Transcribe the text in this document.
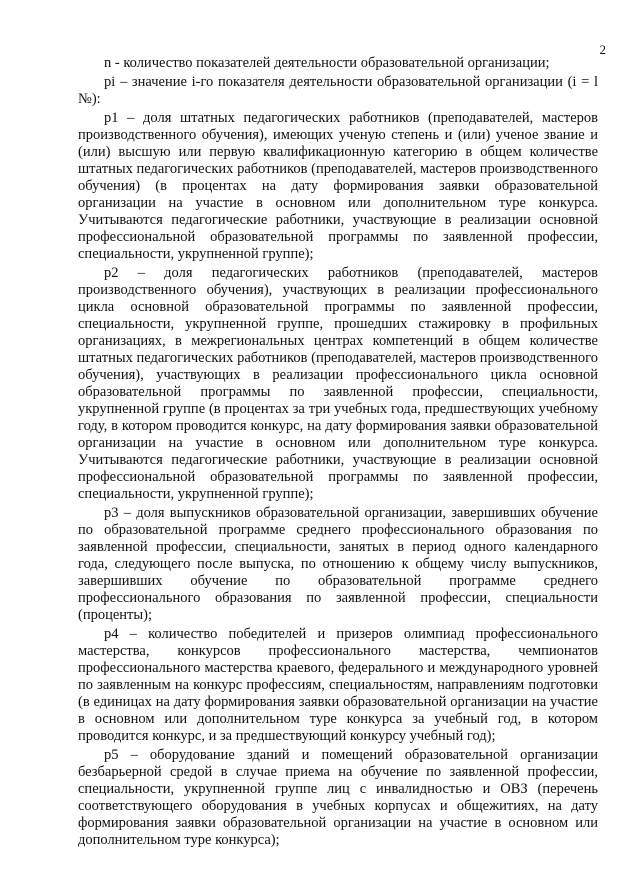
2

n - количество показателей деятельности образовательной организации;

pi – значение i-го показателя деятельности образовательной организации (i = l №):

p1 – доля штатных педагогических работников (преподавателей, мастеров производственного обучения), имеющих ученую степень и (или) ученое звание и (или) высшую или первую квалификационную категорию в общем количестве штатных педагогических работников (преподавателей, мастеров производственного обучения) (в процентах на дату формирования заявки образовательной организации на участие в основном или дополнительном туре конкурса. Учитываются педагогические работники, участвующие в реализации основной профессиональной образовательной программы по заявленной профессии, специальности, укрупненной группе);

p2 – доля педагогических работников (преподавателей, мастеров производственного обучения), участвующих в реализации профессионального цикла основной образовательной программы по заявленной профессии, специальности, укрупненной группе, прошедших стажировку в профильных организациях, в межрегиональных центрах компетенций в общем количестве штатных педагогических работников (преподавателей, мастеров производственного обучения), участвующих в реализации профессионального цикла основной образовательной программы по заявленной профессии, специальности, укрупненной группе (в процентах за три учебных года, предшествующих учебному году, в котором проводится конкурс, на дату формирования заявки образовательной организации на участие в основном или дополнительном туре конкурса. Учитываются педагогические работники, участвующие в реализации основной профессиональной образовательной программы по заявленной профессии, специальности, укрупненной группе);

p3 – доля выпускников образовательной организации, завершивших обучение по образовательной программе среднего профессионального образования по заявленной профессии, специальности, занятых в период одного календарного года, следующего после выпуска, по отношению к общему числу выпускников, завершивших обучение по образовательной программе среднего профессионального образования по заявленной профессии, специальности (проценты);

p4 – количество победителей и призеров олимпиад профессионального мастерства, конкурсов профессионального мастерства, чемпионатов профессионального мастерства краевого, федерального и международного уровней по заявленным на конкурс профессиям, специальностям, направлениям подготовки (в единицах на дату формирования заявки образовательной организации на участие в основном или дополнительном туре конкурса за учебный год, в котором проводится конкурс, и за предшествующий конкурсу учебный год);

p5 – оборудование зданий и помещений образовательной организации безбарьерной средой в случае приема на обучение по заявленной профессии, специальности, укрупненной группе лиц с инвалидностью и ОВЗ (перечень соответствующего оборудования в учебных корпусах и общежитиях, на дату формирования заявки образовательной организации на участие в основном или дополнительном туре конкурса);
